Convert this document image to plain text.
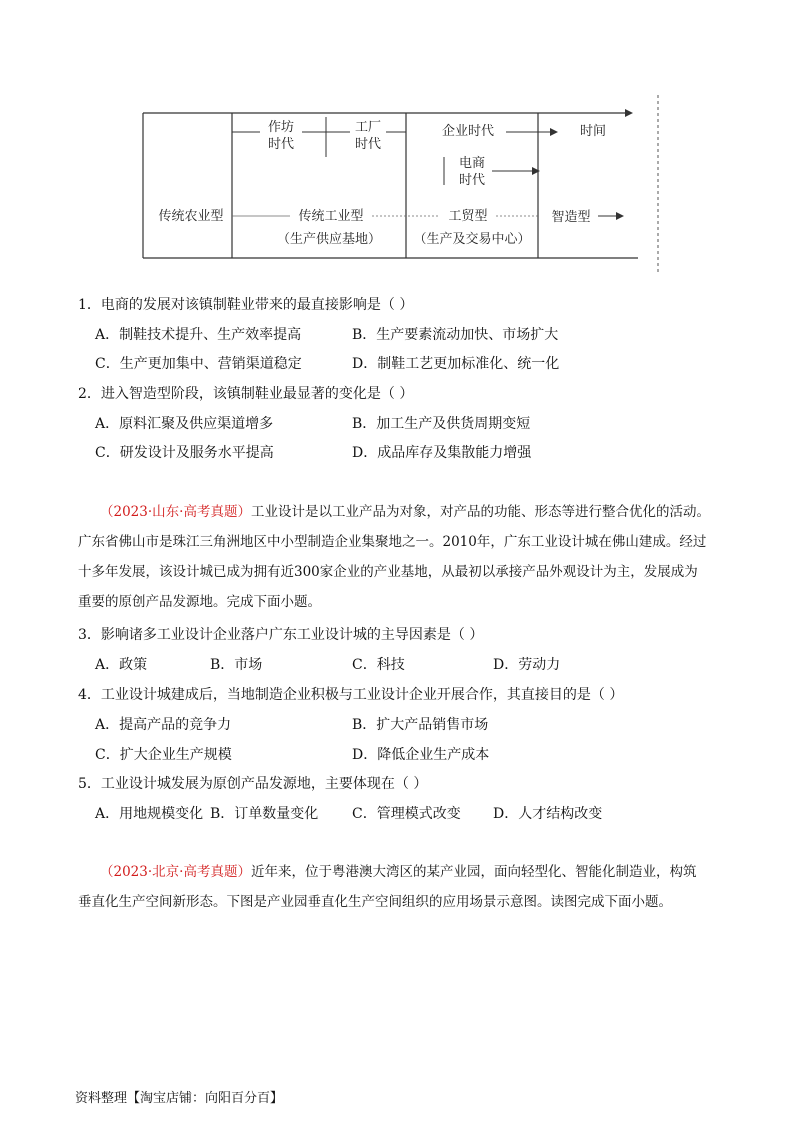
作坊
时代
工厂
时代
企业时代
电商
时代
时间
传统农业型	传统工业型
（生产供应基地）
工贸型
（生产及交易中心）
智造型
1．电商的发展对该镇制鞋业带来的最直接影响是（ ）
A．制鞋技术提升、生产效率提高	B．生产要素流动加快、市场扩大
C．生产更加集中、营销渠道稳定	D．制鞋工艺更加标准化、统一化
2．进入智造型阶段，该镇制鞋业最显著的变化是（ ）
A．原料汇聚及供应渠道增多	B．加工生产及供货周期变短
C．研发设计及服务水平提高	D．成品库存及集散能力增强
（2023·山东·高考真题）工业设计是以工业产品为对象，对产品的功能、形态等进行整合优化的活动。
广东省佛山市是珠江三角洲地区中小型制造企业集聚地之一。2010年，广东工业设计城在佛山建成。经过
十多年发展，该设计城已成为拥有近300家企业的产业基地，从最初以承接产品外观设计为主，发展成为
重要的原创产品发源地。完成下面小题。
3．影响诸多工业设计企业落户广东工业设计城的主导因素是（ ）
A．政策	B．市场	C．科技	D．劳动力
4．工业设计城建成后，当地制造企业积极与工业设计企业开展合作，其直接目的是（ ）
A．提高产品的竞争力	B．扩大产品销售市场
C．扩大企业生产规模	D．降低企业生产成本
5．工业设计城发展为原创产品发源地，主要体现在（ ）
A．用地规模变化 B．订单数量变化 C．管理模式改变 D．人才结构改变
（2023·北京·高考真题）近年来，位于粤港澳大湾区的某产业园，面向轻型化、智能化制造业，构筑
垂直化生产空间新形态。下图是产业园垂直化生产空间组织的应用场景示意图。读图完成下面小题。
资料整理【淘宝店铺：向阳百分百】
